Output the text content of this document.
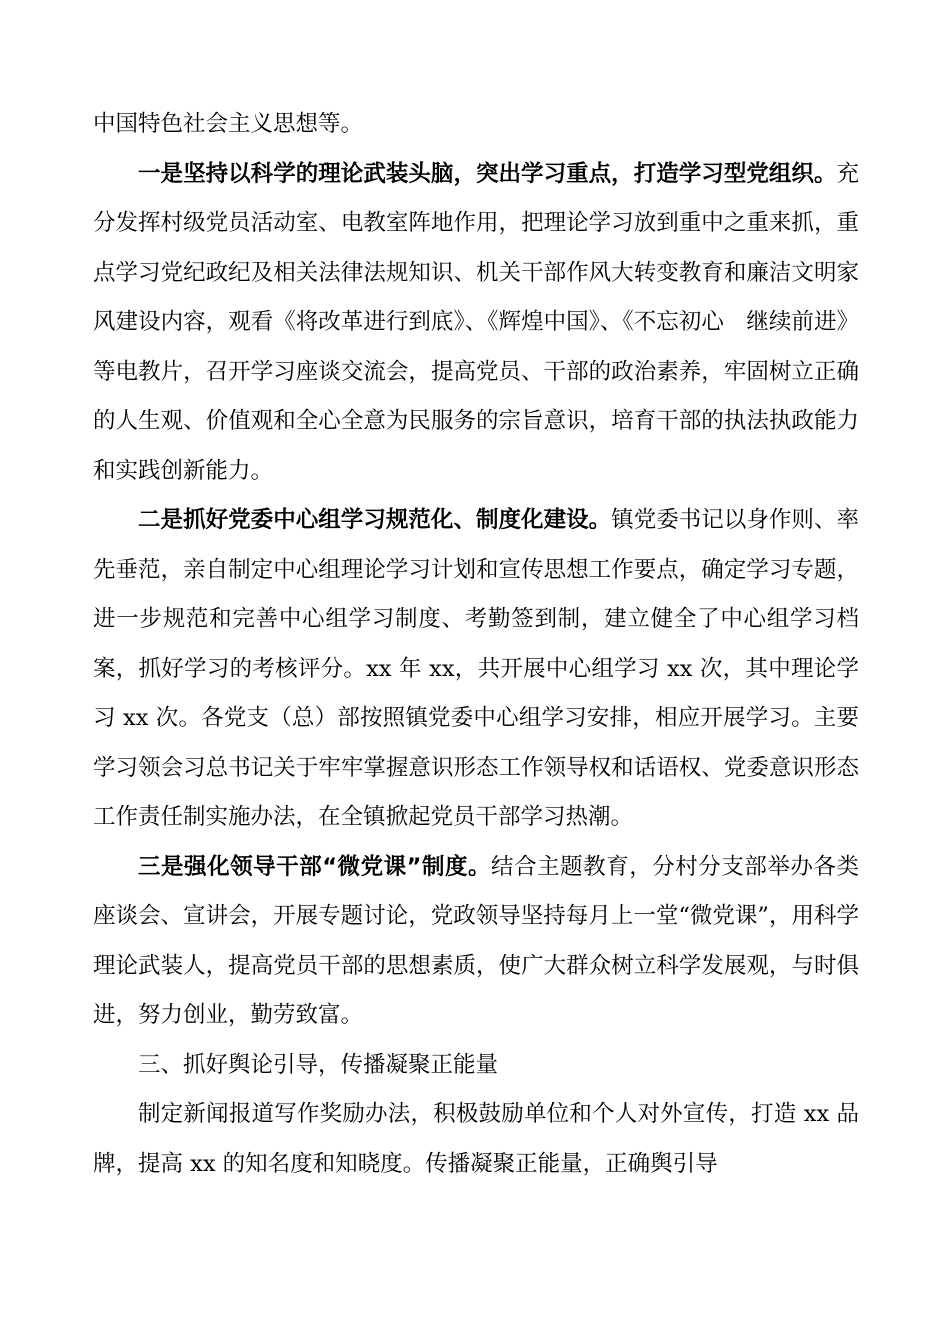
中国特色社会主义思想等。

一是坚持以科学的理论武装头脑，突出学习重点，打造学习型党组织。充分发挥村级党员活动室、电教室阵地作用，把理论学习放到重中之重来抓，重点学习党纪政纪及相关法律法规知识、机关干部作风大转变教育和廉洁文明家风建设内容，观看《将改革进行到底》、《辉煌中国》、《不忘初心　继续前进》等电教片，召开学习座谈交流会，提高党员、干部的政治素养，牢固树立正确的人生观、价值观和全心全意为民服务的宗旨意识，培育干部的执法执政能力和实践创新能力。

二是抓好党委中心组学习规范化、制度化建设。镇党委书记以身作则、率先垂范，亲自制定中心组理论学习计划和宣传思想工作要点，确定学习专题，进一步规范和完善中心组学习制度、考勤签到制，建立健全了中心组学习档案，抓好学习的考核评分。xx 年 xx，共开展中心组学习 xx 次，其中理论学习 xx 次。各党支（总）部按照镇党委中心组学习安排，相应开展学习。主要学习领会习总书记关于牢牢掌握意识形态工作领导权和话语权、党委意识形态工作责任制实施办法，在全镇掀起党员干部学习热潮。

三是强化领导干部“微党课”制度。结合主题教育，分村分支部举办各类座谈会、宣讲会，开展专题讨论，党政领导坚持每月上一堂“微党课”，用科学理论武装人，提高党员干部的思想素质，使广大群众树立科学发展观，与时俱进，努力创业，勤劳致富。

三、抓好舆论引导，传播凝聚正能量

制定新闻报道写作奖励办法，积极鼓励单位和个人对外宣传，打造 xx 品牌，提高 xx 的知名度和知晓度。传播凝聚正能量，正确舆引导
